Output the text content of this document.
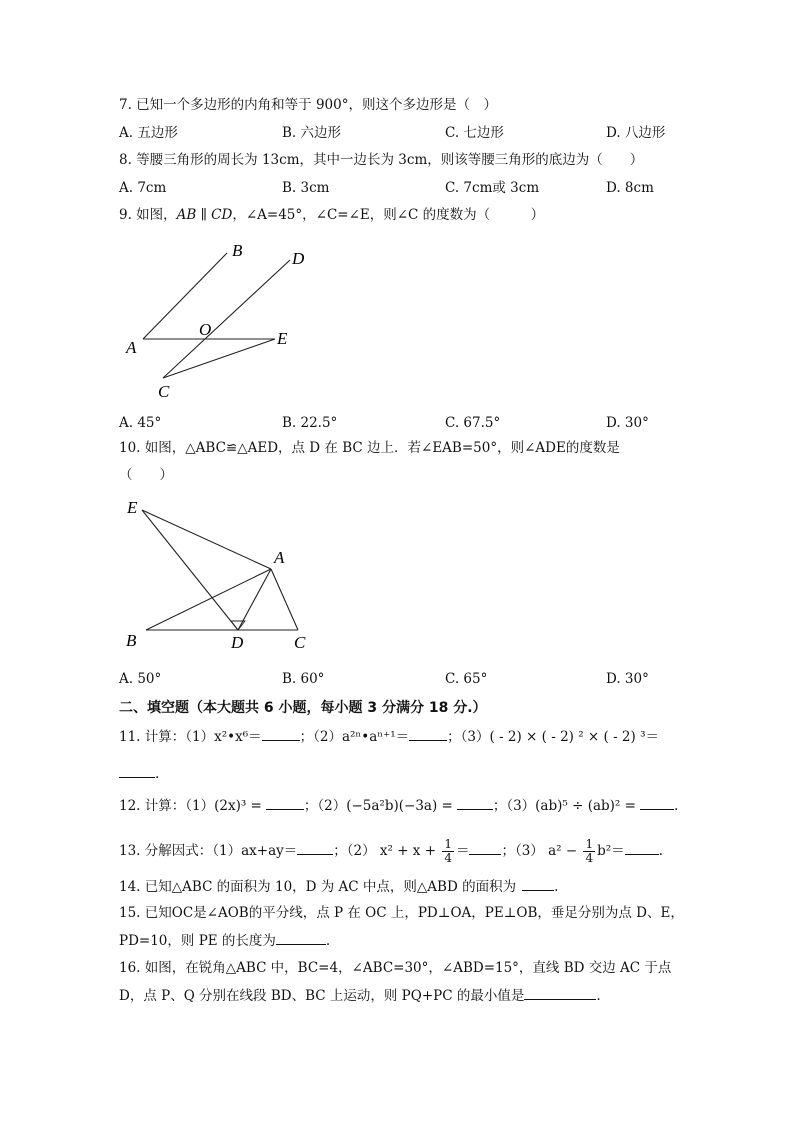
7. 已知一个多边形的内角和等于 900°，则这个多边形是（　）
A. 五边形	B. 六边形	C. 七边形	D. 八边形
8. 等腰三角形的周长为 13cm，其中一边长为 3cm，则该等腰三角形的底边为（　　）
A. 7cm	B. 3cm	C. 7cm或 3cm	D. 8cm
9. 如图，AB ∥ CD，∠A=45°，∠C=∠E，则∠C 的度数为（　　　）
B	D
O
A	E
C
A. 45°	B. 22.5°	C. 67.5°	D. 30°
10. 如图，△ABC≌△AED，点 D 在 BC 边上．若∠EAB=50°，则∠ADE的度数是
（　　）
E
A
B	D	C
A. 50°	B. 60°	C. 65°	D. 30°
二、填空题（本大题共 6 小题，每小题 3 分满分 18 分.）
11. 计算：（1）x²•x⁶＝	；（2）a²ⁿ•aⁿ⁺¹＝	；（3）( - 2) × ( - 2) ² × ( - 2) ³＝
.
12. 计算：（1）(2x)³ =	；（2）(−5a²b)(−3a) =	；（3）(ab)⁵ ÷ (ab)² =	.
13. 分解因式：（1）ax+ay＝	；（2） $x^2 + x + \frac{1}{4}$ ＝ ；（3） $a^2 - \frac{1}{4} b^2=$	.
14. 已知△ABC 的面积为 10，D 为 AC 中点，则△ABD 的面积为	.
15. 已知OC是∠AOB的平分线，点 P 在 OC 上，PD⊥OA，PE⊥OB，垂足分别为点 D、E，
PD=10，则 PE 的长度为	.
16. 如图，在锐角△ABC 中，BC=4，∠ABC=30°，∠ABD=15°，直线 BD 交边 AC 于点
D，点 P、Q 分别在线段 BD、BC 上运动，则 PQ+PC 的最小值是	.
